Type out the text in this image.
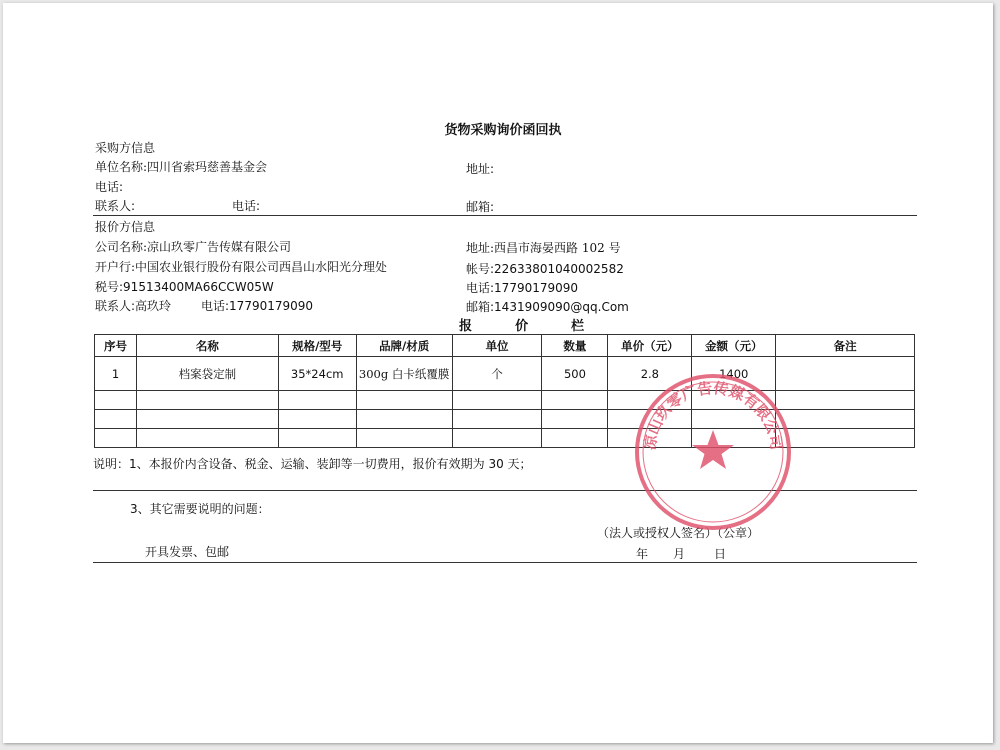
货物采购询价函回执
采购方信息
单位名称:四川省索玛慈善基金会	地址:
电话:
联系人:	电话:	邮箱:
报价方信息
公司名称:凉山玖零广告传媒有限公司	地址:西昌市海晏西路 102 号
开户行:中国农业银行股份有限公司西昌山水阳光分理处	帐号:22633801040002582
税号:91513400MA66CCW05W	电话:17790179090
联系人:高玖玲 电话:17790179090	邮箱:1431909090@qq.Com
报	价	栏
序号	名称	规格/型号	品牌/材质	单位	数量	单价（元）	金额（元）	备注
1	档案袋定制	35*24cm	300g 白卡纸覆膜	个	500	2.8	1400	

说明：1、本报价内含设备、税金、运输、装卸等一切费用，报价有效期为 30 天；
3、其它需要说明的问题：
（法人或授权人签名）（公章）
开具发票、包邮	年 月 日
凉山玖零广告传媒有限公司
